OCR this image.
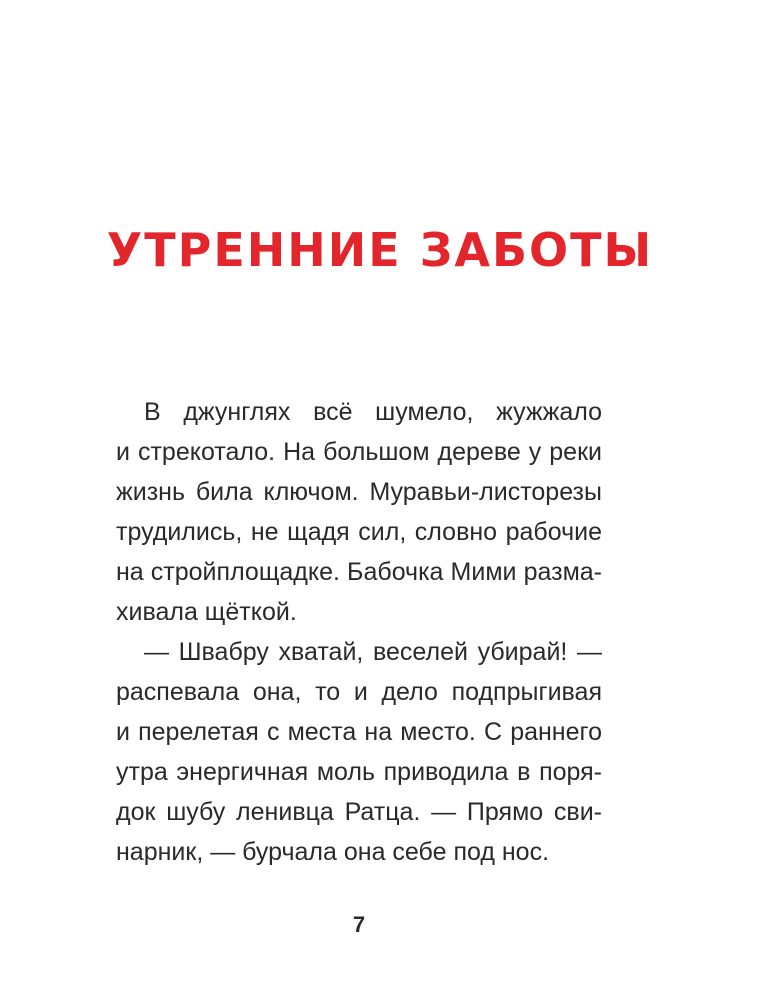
УТРЕННИЕ ЗАБОТЫ
В джунглях всё шумело, жужжало
и стрекотало. На большом дереве у реки
жизнь била ключом. Муравьи-листорезы
трудились, не щадя сил, словно рабочие
на стройплощадке. Бабочка Мими разма-
хивала щёткой.
— Швабру хватай, веселей убирай! —
распевала она, то и дело подпрыгивая
и перелетая с места на место. С раннего
утра энергичная моль приводила в поря-
док шубу ленивца Ратца. — Прямо сви-
нарник, — бурчала она себе под нос.
7
